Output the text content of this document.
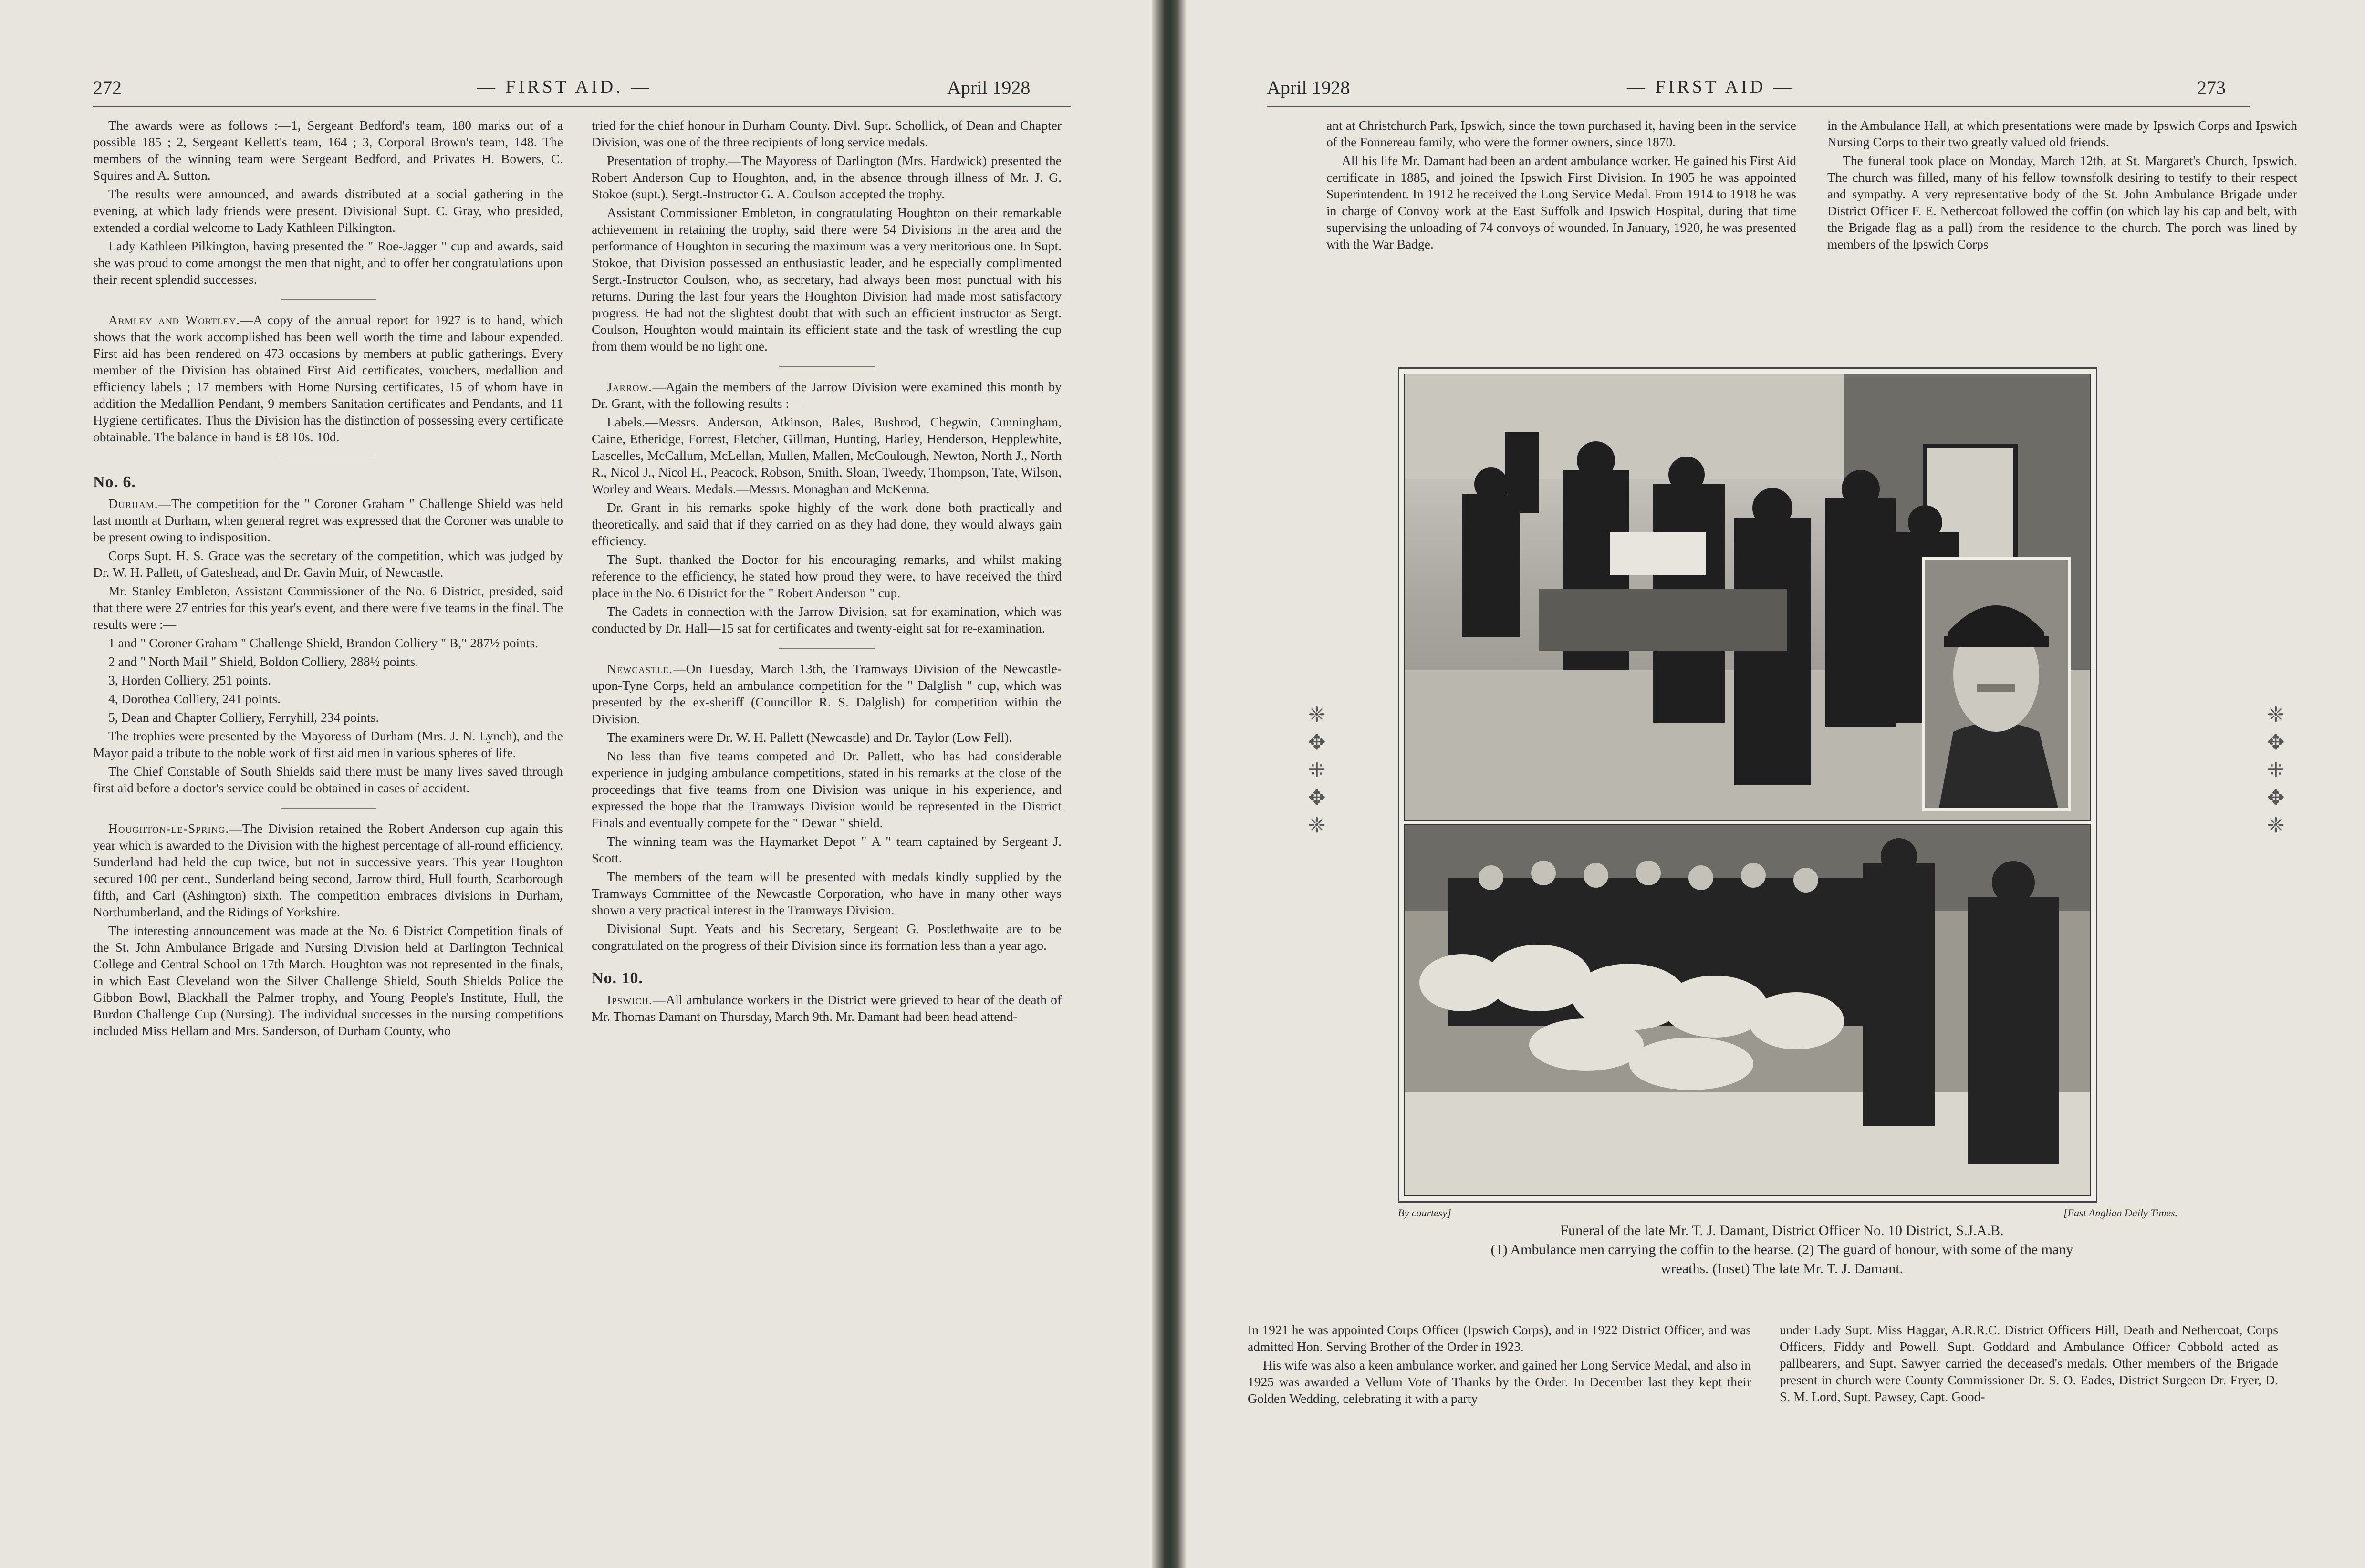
272	— FIRST AID. —	April 1928

The awards were as follows :—1, Sergeant Bedford's team, 180 marks out of a possible 185 ; 2, Sergeant Kellett's team, 164 ; 3, Corporal Brown's team, 148. The members of the winning team were Sergeant Bedford, and Privates H. Bowers, C. Squires and A. Sutton.

The results were announced, and awards distributed at a social gathering in the evening, at which lady friends were present. Divisional Supt. C. Gray, who presided, extended a cordial welcome to Lady Kathleen Pilkington.

Lady Kathleen Pilkington, having presented the " Roe-Jagger " cup and awards, said she was proud to come amongst the men that night, and to offer her congratulations upon their recent splendid successes.

Armley and Wortley.—A copy of the annual report for 1927 is to hand, which shows that the work accomplished has been well worth the time and labour expended. First aid has been rendered on 473 occasions by members at public gatherings. Every member of the Division has obtained First Aid certificates, vouchers, medallion and efficiency labels ; 17 members with Home Nursing certificates, 15 of whom have in addition the Medallion Pendant, 9 members Sanitation certificates and Pendants, and 11 Hygiene certificates. Thus the Division has the distinction of possessing every certificate obtainable. The balance in hand is £8 10s. 10d.

No. 6.

Durham.—The competition for the " Coroner Graham " Challenge Shield was held last month at Durham, when general regret was expressed that the Coroner was unable to be present owing to indisposition.

Corps Supt. H. S. Grace was the secretary of the competition, which was judged by Dr. W. H. Pallett, of Gateshead, and Dr. Gavin Muir, of Newcastle.

Mr. Stanley Embleton, Assistant Commissioner of the No. 6 District, presided, said that there were 27 entries for this year's event, and there were five teams in the final. The results were :—

1 and " Coroner Graham " Challenge Shield, Brandon Colliery " B," 287½ points.

2 and " North Mail " Shield, Boldon Colliery, 288½ points.

3, Horden Colliery, 251 points.

4, Dorothea Colliery, 241 points.

5, Dean and Chapter Colliery, Ferryhill, 234 points.

The trophies were presented by the Mayoress of Durham (Mrs. J. N. Lynch), and the Mayor paid a tribute to the noble work of first aid men in various spheres of life.

The Chief Constable of South Shields said there must be many lives saved through first aid before a doctor's service could be obtained in cases of accident.

Houghton-le-Spring.—The Division retained the Robert Anderson cup again this year which is awarded to the Division with the highest percentage of all-round efficiency. Sunderland had held the cup twice, but not in successive years. This year Houghton secured 100 per cent., Sunderland being second, Jarrow third, Hull fourth, Scarborough fifth, and Carl (Ashington) sixth. The competition embraces divisions in Durham, Northumberland, and the Ridings of Yorkshire.

The interesting announcement was made at the No. 6 District Competition finals of the St. John Ambulance Brigade and Nursing Division held at Darlington Technical College and Central School on 17th March. Houghton was not represented in the finals, in which East Cleveland won the Silver Challenge Shield, South Shields Police the Gibbon Bowl, Blackhall the Palmer trophy, and Young People's Institute, Hull, the Burdon Challenge Cup (Nursing). The individual successes in the nursing competitions included Miss Hellam and Mrs. Sanderson, of Durham County, who

tried for the chief honour in Durham County. Divl. Supt. Schollick, of Dean and Chapter Division, was one of the three recipients of long service medals.

Presentation of trophy.—The Mayoress of Darlington (Mrs. Hardwick) presented the Robert Anderson Cup to Houghton, and, in the absence through illness of Mr. J. G. Stokoe (supt.), Sergt.-Instructor G. A. Coulson accepted the trophy.

Assistant Commissioner Embleton, in congratulating Houghton on their remarkable achievement in retaining the trophy, said there were 54 Divisions in the area and the performance of Houghton in securing the maximum was a very meritorious one. In Supt. Stokoe, that Division possessed an enthusiastic leader, and he especially complimented Sergt.-Instructor Coulson, who, as secretary, had always been most punctual with his returns. During the last four years the Houghton Division had made most satisfactory progress. He had not the slightest doubt that with such an efficient instructor as Sergt. Coulson, Houghton would maintain its efficient state and the task of wrestling the cup from them would be no light one.

Jarrow.—Again the members of the Jarrow Division were examined this month by Dr. Grant, with the following results :—

Labels.—Messrs. Anderson, Atkinson, Bales, Bushrod, Chegwin, Cunningham, Caine, Etheridge, Forrest, Fletcher, Gillman, Hunting, Harley, Henderson, Hepplewhite, Lascelles, McCallum, McLellan, Mullen, Mallen, McCoulough, Newton, North J., North R., Nicol J., Nicol H., Peacock, Robson, Smith, Sloan, Tweedy, Thompson, Tate, Wilson, Worley and Wears. Medals.—Messrs. Monaghan and McKenna.

Dr. Grant in his remarks spoke highly of the work done both practically and theoretically, and said that if they carried on as they had done, they would always gain efficiency.

The Supt. thanked the Doctor for his encouraging remarks, and whilst making reference to the efficiency, he stated how proud they were, to have received the third place in the No. 6 District for the " Robert Anderson " cup.

The Cadets in connection with the Jarrow Division, sat for examination, which was conducted by Dr. Hall—15 sat for certificates and twenty-eight sat for re-examination.

Newcastle.—On Tuesday, March 13th, the Tramways Division of the Newcastle-upon-Tyne Corps, held an ambulance competition for the " Dalglish " cup, which was presented by the ex-sheriff (Councillor R. S. Dalglish) for competition within the Division.

The examiners were Dr. W. H. Pallett (Newcastle) and Dr. Taylor (Low Fell).

No less than five teams competed and Dr. Pallett, who has had considerable experience in judging ambulance competitions, stated in his remarks at the close of the proceedings that five teams from one Division was unique in his experience, and expressed the hope that the Tramways Division would be represented in the District Finals and eventually compete for the " Dewar " shield.

The winning team was the Haymarket Depot " A " team captained by Sergeant J. Scott.

The members of the team will be presented with medals kindly supplied by the Tramways Committee of the Newcastle Corporation, who have in many other ways shown a very practical interest in the Tramways Division.

Divisional Supt. Yeats and his Secretary, Sergeant G. Postlethwaite are to be congratulated on the progress of their Division since its formation less than a year ago.

No. 10.

Ipswich.—All ambulance workers in the District were grieved to hear of the death of Mr. Thomas Damant on Thursday, March 9th. Mr. Damant had been head attend-

April 1928	— FIRST AID —	273

ant at Christchurch Park, Ipswich, since the town purchased it, having been in the service of the Fonnereau family, who were the former owners, since 1870.

All his life Mr. Damant had been an ardent ambulance worker. He gained his First Aid certificate in 1885, and joined the Ipswich First Division. In 1905 he was appointed Superintendent. In 1912 he received the Long Service Medal. From 1914 to 1918 he was in charge of Convoy work at the East Suffolk and Ipswich Hospital, during that time supervising the unloading of 74 convoys of wounded. In January, 1920, he was presented with the War Badge.

in the Ambulance Hall, at which presentations were made by Ipswich Corps and Ipswich Nursing Corps to their two greatly valued old friends.

The funeral took place on Monday, March 12th, at St. Margaret's Church, Ipswich. The church was filled, many of his fellow townsfolk desiring to testify to their respect and sympathy. A very representative body of the St. John Ambulance Brigade under District Officer F. E. Nethercoat followed the coffin (on which lay his cap and belt, with the Brigade flag as a pall) from the residence to the church. The porch was lined by members of the Ipswich Corps

❈
✥
⁜
✥
❈
❈
✥
⁜
✥
❈
By courtesy]	[East Anglian Daily Times.
Funeral of the late Mr. T. J. Damant, District Officer No. 10 District, S.J.A.B.
(1) Ambulance men carrying the coffin to the hearse. (2) The guard of honour, with some of the many
wreaths. (Inset) The late Mr. T. J. Damant.

In 1921 he was appointed Corps Officer (Ipswich Corps), and in 1922 District Officer, and was admitted Hon. Serving Brother of the Order in 1923.

His wife was also a keen ambulance worker, and gained her Long Service Medal, and also in 1925 was awarded a Vellum Vote of Thanks by the Order. In December last they kept their Golden Wedding, celebrating it with a party

under Lady Supt. Miss Haggar, A.R.R.C. District Officers Hill, Death and Nethercoat, Corps Officers, Fiddy and Powell. Supt. Goddard and Ambulance Officer Cobbold acted as pallbearers, and Supt. Sawyer carried the deceased's medals. Other members of the Brigade present in church were County Commissioner Dr. S. O. Eades, District Surgeon Dr. Fryer, D. S. M. Lord, Supt. Pawsey, Capt. Good-
